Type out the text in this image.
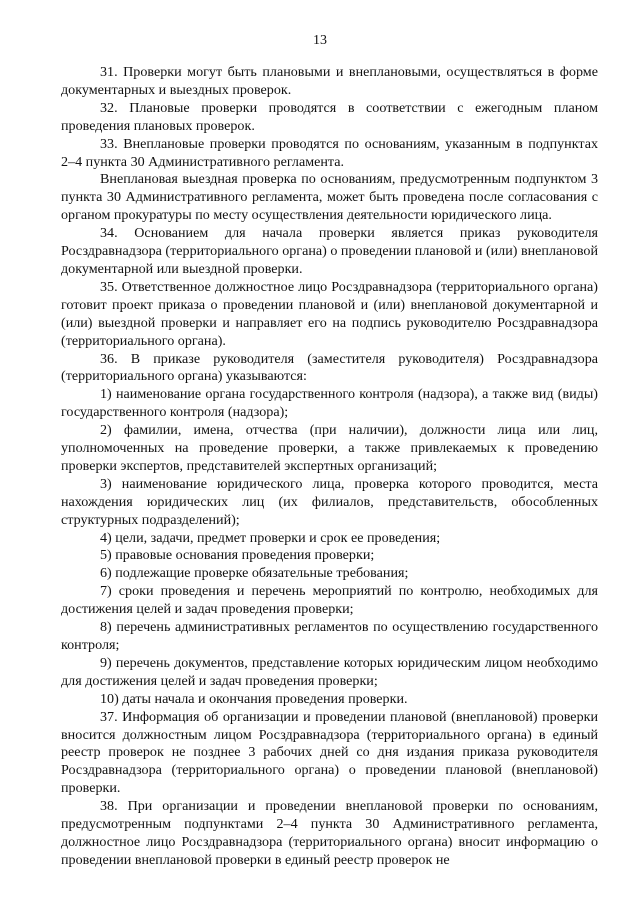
13

31. Проверки могут быть плановыми и внеплановыми, осуществляться в форме документарных и выездных проверок.

32. Плановые проверки проводятся в соответствии с ежегодным планом проведения плановых проверок.

33. Внеплановые проверки проводятся по основаниям, указанным в подпунктах 2–4 пункта 30 Административного регламента.

Внеплановая выездная проверка по основаниям, предусмотренным подпунктом 3 пункта 30 Административного регламента, может быть проведена после согласования с органом прокуратуры по месту осуществления деятельности юридического лица.

34. Основанием для начала проверки является приказ руководителя Росздравнадзора (территориального органа) о проведении плановой и (или) внеплановой документарной или выездной проверки.

35. Ответственное должностное лицо Росздравнадзора (территориального органа) готовит проект приказа о проведении плановой и (или) внеплановой документарной и (или) выездной проверки и направляет его на подпись руководителю Росздравнадзора (территориального органа).

36. В приказе руководителя (заместителя руководителя) Росздравнадзора (территориального органа) указываются:

1) наименование органа государственного контроля (надзора), а также вид (виды) государственного контроля (надзора);

2) фамилии, имена, отчества (при наличии), должности лица или лиц, уполномоченных на проведение проверки, а также привлекаемых к проведению проверки экспертов, представителей экспертных организаций;

3) наименование юридического лица, проверка которого проводится, места нахождения юридических лиц (их филиалов, представительств, обособленных структурных подразделений);

4) цели, задачи, предмет проверки и срок ее проведения;

5) правовые основания проведения проверки;

6) подлежащие проверке обязательные требования;

7) сроки проведения и перечень мероприятий по контролю, необходимых для достижения целей и задач проведения проверки;

8) перечень административных регламентов по осуществлению государственного контроля;

9) перечень документов, представление которых юридическим лицом необходимо для достижения целей и задач проведения проверки;

10) даты начала и окончания проведения проверки.

37. Информация об организации и проведении плановой (внеплановой) проверки вносится должностным лицом Росздравнадзора (территориального органа) в единый реестр проверок не позднее 3 рабочих дней со дня издания приказа руководителя Росздравнадзора (территориального органа) о проведении плановой (внеплановой) проверки.

38. При организации и проведении внеплановой проверки по основаниям, предусмотренным подпунктами 2–4 пункта 30 Административного регламента, должностное лицо Росздравнадзора (территориального органа) вносит информацию о проведении внеплановой проверки в единый реестр проверок не
